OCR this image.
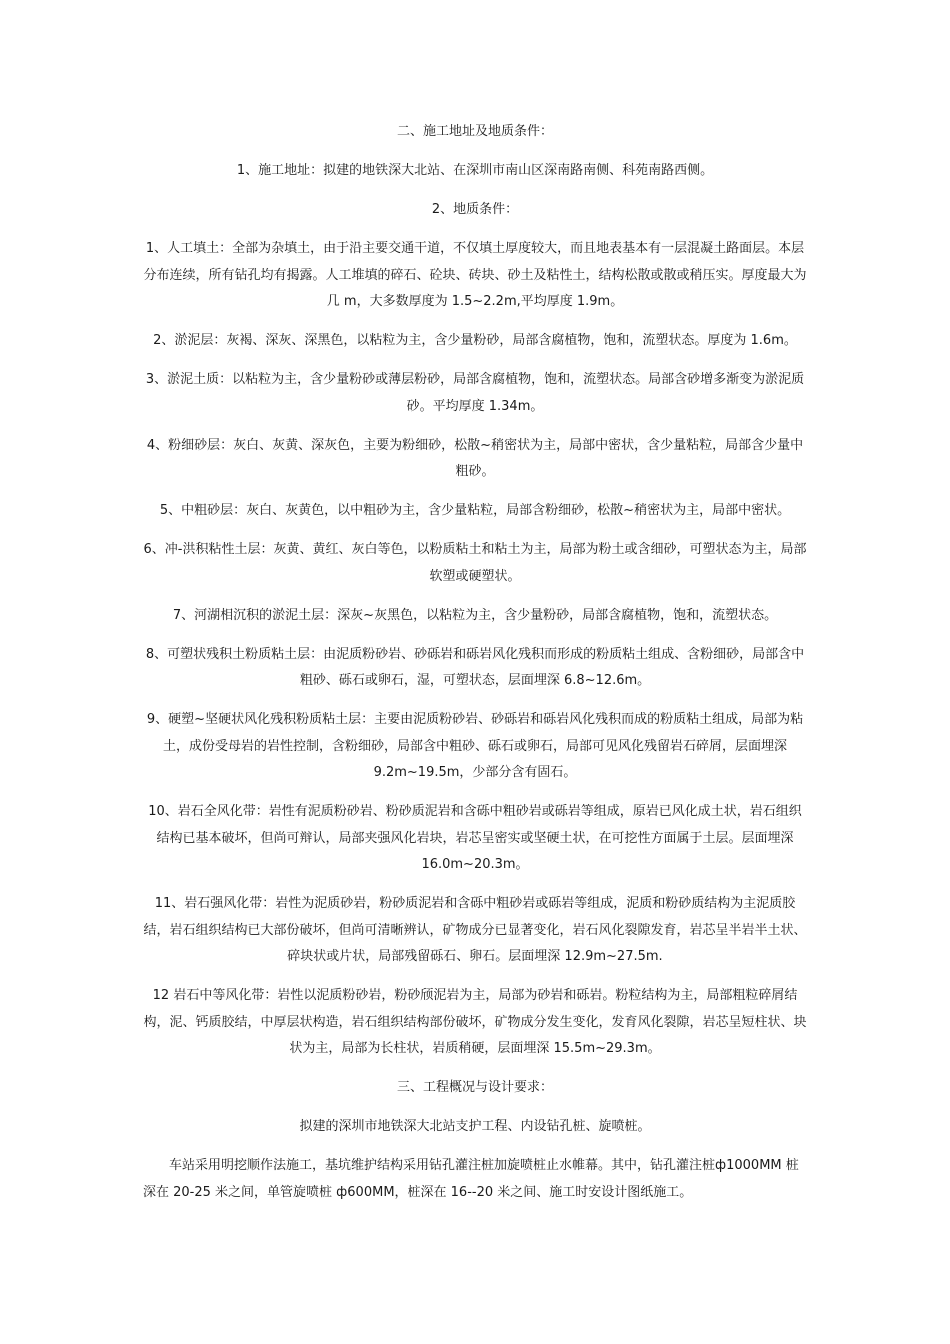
二、施工地址及地质条件：

1、施工地址：拟建的地铁深大北站、在深圳市南山区深南路南侧、科苑南路西侧。

2、地质条件：

1、人工填土：全部为杂填土，由于沿主要交通干道，不仅填土厚度较大，而且地表基本有一层混凝土路面层。本层分布连续，所有钻孔均有揭露。人工堆填的碎石、砼块、砖块、砂土及粘性土，结构松散或散或稍压实。厚度最大为几 m，大多数厚度为 1.5~2.2m,平均厚度 1.9m。

2、淤泥层：灰褐、深灰、深黑色，以粘粒为主，含少量粉砂，局部含腐植物，饱和，流塑状态。厚度为 1.6m。

3、淤泥土质：以粘粒为主，含少量粉砂或薄层粉砂，局部含腐植物，饱和，流塑状态。局部含砂增多渐变为淤泥质砂。平均厚度 1.34m。

4、粉细砂层：灰白、灰黄、深灰色，主要为粉细砂，松散~稍密状为主，局部中密状，含少量粘粒，局部含少量中粗砂。

5、中粗砂层：灰白、灰黄色，以中粗砂为主，含少量粘粒，局部含粉细砂，松散~稍密状为主，局部中密状。

6、冲-洪积粘性土层：灰黄、黄红、灰白等色，以粉质粘土和粘土为主，局部为粉土或含细砂，可塑状态为主，局部软塑或硬塑状。

7、河湖相沉积的淤泥土层：深灰~灰黑色，以粘粒为主，含少量粉砂，局部含腐植物，饱和，流塑状态。

8、可塑状残积土粉质粘土层：由泥质粉砂岩、砂砾岩和砾岩风化残积而形成的粉质粘土组成、含粉细砂，局部含中粗砂、砾石或卵石，湿，可塑状态，层面埋深 6.8~12.6m。

9、硬塑~坚硬状风化残积粉质粘土层：主要由泥质粉砂岩、砂砾岩和砾岩风化残积而成的粉质粘土组成，局部为粘土，成份受母岩的岩性控制，含粉细砂，局部含中粗砂、砾石或卵石，局部可见风化残留岩石碎屑，层面埋深 9.2m~19.5m，少部分含有固石。

10、岩石全风化带：岩性有泥质粉砂岩、粉砂质泥岩和含砾中粗砂岩或砾岩等组成，原岩已风化成土状，岩石组织结构已基本破坏，但尚可辩认，局部夹强风化岩块，岩芯呈密实或坚硬土状，在可挖性方面属于土层。层面埋深 16.0m~20.3m。

11、岩石强风化带：岩性为泥质砂岩，粉砂质泥岩和含砾中粗砂岩或砾岩等组成，泥质和粉砂质结构为主泥质胶结，岩石组织结构已大部份破坏，但尚可清晰辨认，矿物成分已显著变化，岩石风化裂隙发育，岩芯呈半岩半土状、碎块状或片状，局部残留砾石、卵石。层面埋深 12.9m~27.5m.

12 岩石中等风化带：岩性以泥质粉砂岩，粉砂颀泥岩为主，局部为砂岩和砾岩。粉粒结构为主，局部粗粒碎屑结构，泥、钙质胶结，中厚层状构造，岩石组织结构部份破坏，矿物成分发生变化，发育风化裂隙，岩芯呈短柱状、块状为主，局部为长柱状，岩质稍硬，层面埋深 15.5m~29.3m。

三、工程概况与设计要求：

拟建的深圳市地铁深大北站支护工程、内设钻孔桩、旋喷桩。

车站采用明挖顺作法施工，基坑维护结构采用钻孔灌注桩加旋喷桩止水帷幕。其中，钻孔灌注桩ф1000MM 桩深在 20-25 米之间，单管旋喷桩 ф600MM，桩深在 16--20 米之间、施工时安设计图纸施工。
